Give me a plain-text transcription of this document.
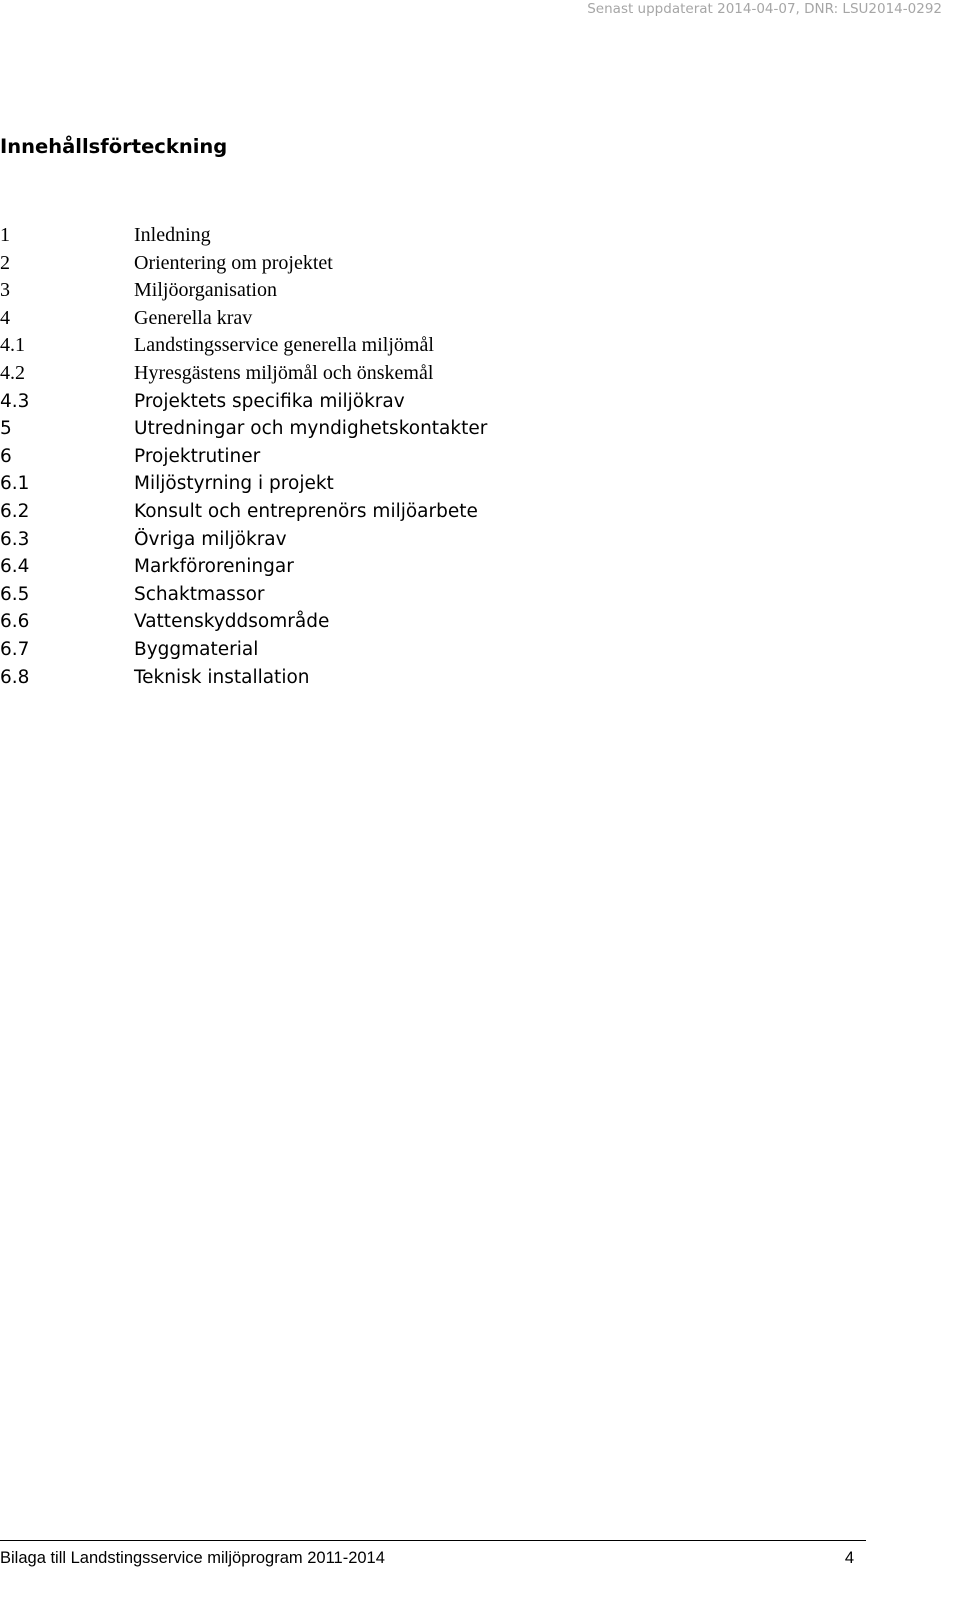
Senast uppdaterat 2014-04-07, DNR: LSU2014-0292
Innehållsförteckning
1	Inledning
2	Orientering om projektet
3	Miljöorganisation
4	Generella krav
4.1	Landstingsservice generella miljömål
4.2	Hyresgästens miljömål och önskemål
4.3	Projektets specifika miljökrav
5	Utredningar och myndighetskontakter
6	Projektrutiner
6.1	Miljöstyrning i projekt
6.2	Konsult och entreprenörs miljöarbete
6.3	Övriga miljökrav
6.4	Markföroreningar
6.5	Schaktmassor
6.6	Vattenskyddsområde
6.7	Byggmaterial
6.8	Teknisk installation
Bilaga till Landstingsservice miljöprogram 2011-2014	4
